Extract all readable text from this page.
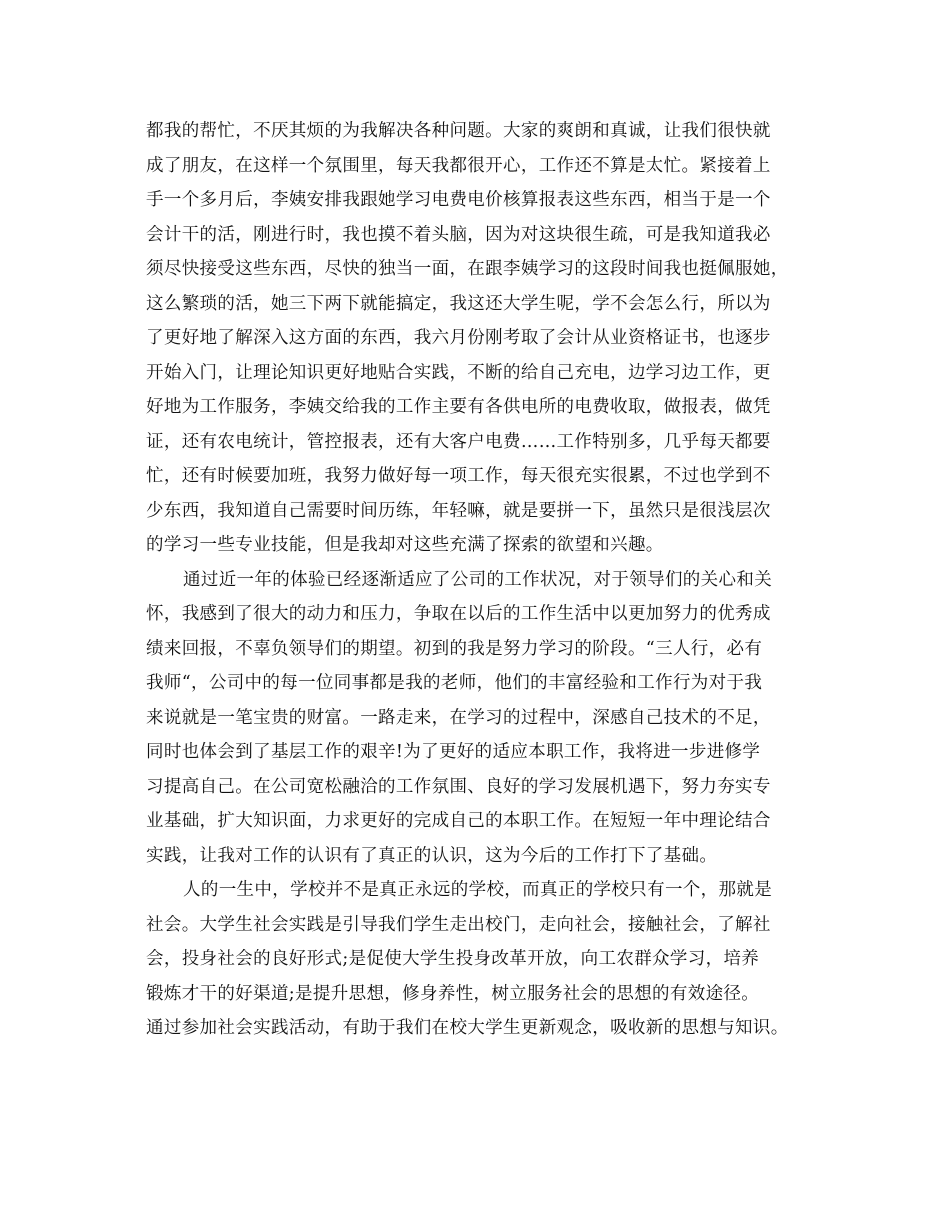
都我的帮忙，不厌其烦的为我解决各种问题。大家的爽朗和真诚，让我们很快就
成了朋友，在这样一个氛围里，每天我都很开心，工作还不算是太忙。紧接着上
手一个多月后，李姨安排我跟她学习电费电价核算报表这些东西，相当于是一个
会计干的活，刚进行时，我也摸不着头脑，因为对这块很生疏，可是我知道我必
须尽快接受这些东西，尽快的独当一面，在跟李姨学习的这段时间我也挺佩服她，
这么繁琐的活，她三下两下就能搞定，我这还大学生呢，学不会怎么行，所以为
了更好地了解深入这方面的东西，我六月份刚考取了会计从业资格证书，也逐步
开始入门，让理论知识更好地贴合实践，不断的给自己充电，边学习边工作，更
好地为工作服务，李姨交给我的工作主要有各供电所的电费收取，做报表，做凭
证，还有农电统计，管控报表，还有大客户电费……工作特别多，几乎每天都要
忙，还有时候要加班，我努力做好每一项工作，每天很充实很累，不过也学到不
少东西，我知道自己需要时间历练，年轻嘛，就是要拼一下，虽然只是很浅层次
的学习一些专业技能，但是我却对这些充满了探索的欲望和兴趣。
通过近一年的体验已经逐渐适应了公司的工作状况，对于领导们的关心和关
怀，我感到了很大的动力和压力，争取在以后的工作生活中以更加努力的优秀成
绩来回报，不辜负领导们的期望。初到的我是努力学习的阶段。“三人行，必有
我师“，公司中的每一位同事都是我的老师，他们的丰富经验和工作行为对于我
来说就是一笔宝贵的财富。一路走来，在学习的过程中，深感自己技术的不足，
同时也体会到了基层工作的艰辛!为了更好的适应本职工作，我将进一步进修学
习提高自己。在公司宽松融洽的工作氛围、良好的学习发展机遇下，努力夯实专
业基础，扩大知识面，力求更好的完成自己的本职工作。在短短一年中理论结合
实践，让我对工作的认识有了真正的认识，这为今后的工作打下了基础。
人的一生中，学校并不是真正永远的学校，而真正的学校只有一个，那就是
社会。大学生社会实践是引导我们学生走出校门，走向社会，接触社会，了解社
会，投身社会的良好形式;是促使大学生投身改革开放，向工农群众学习，培养
锻炼才干的好渠道;是提升思想，修身养性，树立服务社会的思想的有效途径。
通过参加社会实践活动，有助于我们在校大学生更新观念，吸收新的思想与知识。
